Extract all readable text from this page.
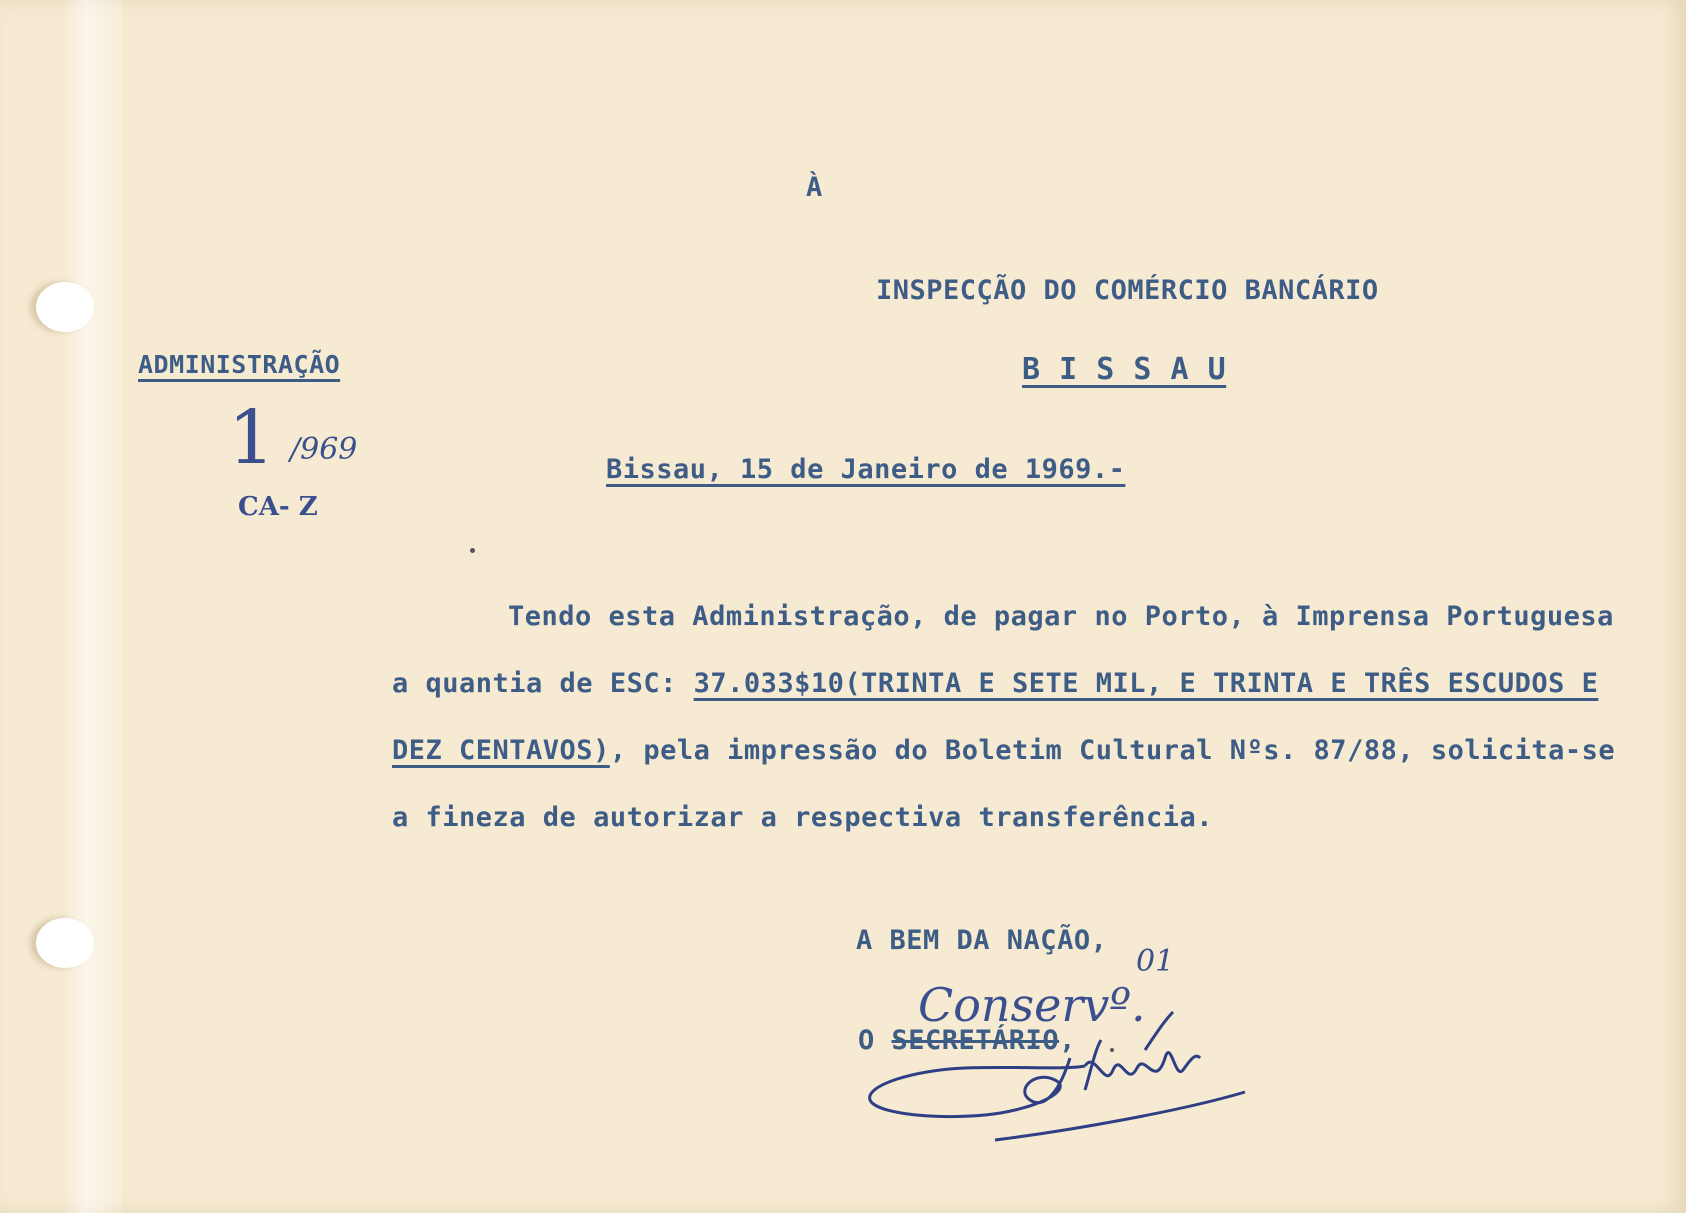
À
INSPECÇÃO DO COMÉRCIO BANCÁRIO
B I S S A U
ADMINISTRAÇÃO
1 /969
CA- Z
Bissau, 15 de Janeiro de 1969.-
Tendo esta Administração, de pagar no Porto, à Imprensa Portuguesa
a quantia de ESC: 37.033$10(TRINTA E SETE MIL, E TRINTA E TRÊS ESCUDOS E
DEZ CENTAVOS), pela impressão do Boletim Cultural Nºs. 87/88, solicita-se
a fineza de autorizar a respectiva transferência.
A BEM DA NAÇÃO,
O SECRETÁRIO,
Conservº.
01
